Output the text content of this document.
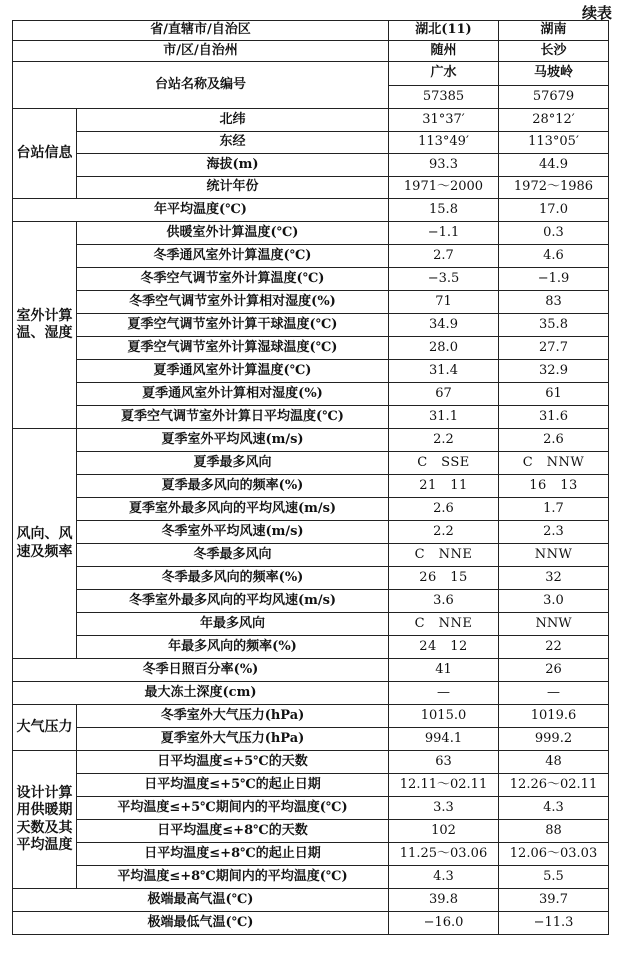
续表
省/直辖市/自治区		湖北(11)	湖南
市/区/自治州		随州	长沙
台站名称及编号		广水	马坡岭
		57385	57679
台站信息	北纬	31°37′	28°12′
	东经	113°49′	113°05′
	海拔(m)	93.3	44.9
	统计年份	1971～2000	1972～1986
年平均温度(℃)		15.8	17.0
室外计算温、湿度	供暖室外计算温度(℃)	−1.1	0.3
	冬季通风室外计算温度(℃)	2.7	4.6
	冬季空气调节室外计算温度(℃)	−3.5	−1.9
	冬季空气调节室外计算相对湿度(%)	71	83
	夏季空气调节室外计算干球温度(℃)	34.9	35.8
	夏季空气调节室外计算湿球温度(℃)	28.0	27.7
	夏季通风室外计算温度(℃)	31.4	32.9
	夏季通风室外计算相对湿度(%)	67	61
	夏季空气调节室外计算日平均温度(℃)	31.1	31.6
风向、风速及频率	夏季室外平均风速(m/s)	2.2	2.6
	夏季最多风向	C　SSE	C　NNW
	夏季最多风向的频率(%)	21　11	16　13
	夏季室外最多风向的平均风速(m/s)	2.6	1.7
	冬季室外平均风速(m/s)	2.2	2.3
	冬季最多风向	C　NNE	NNW
	冬季最多风向的频率(%)	26　15	32
	冬季室外最多风向的平均风速(m/s)	3.6	3.0
	年最多风向	C　NNE	NNW
	年最多风向的频率(%)	24　12	22
冬季日照百分率(%)		41	26
最大冻土深度(cm)		—	—
大气压力	冬季室外大气压力(hPa)	1015.0	1019.6
	夏季室外大气压力(hPa)	994.1	999.2
设计计算用供暖期天数及其平均温度	日平均温度≤+5℃的天数	63	48
	日平均温度≤+5℃的起止日期	12.11～02.11	12.26～02.11
	平均温度≤+5℃期间内的平均温度(℃)	3.3	4.3
	日平均温度≤+8℃的天数	102	88
	日平均温度≤+8℃的起止日期	11.25～03.06	12.06～03.03
	平均温度≤+8℃期间内的平均温度(℃)	4.3	5.5
极端最高气温(℃)		39.8	39.7
极端最低气温(℃)		−16.0	−11.3
